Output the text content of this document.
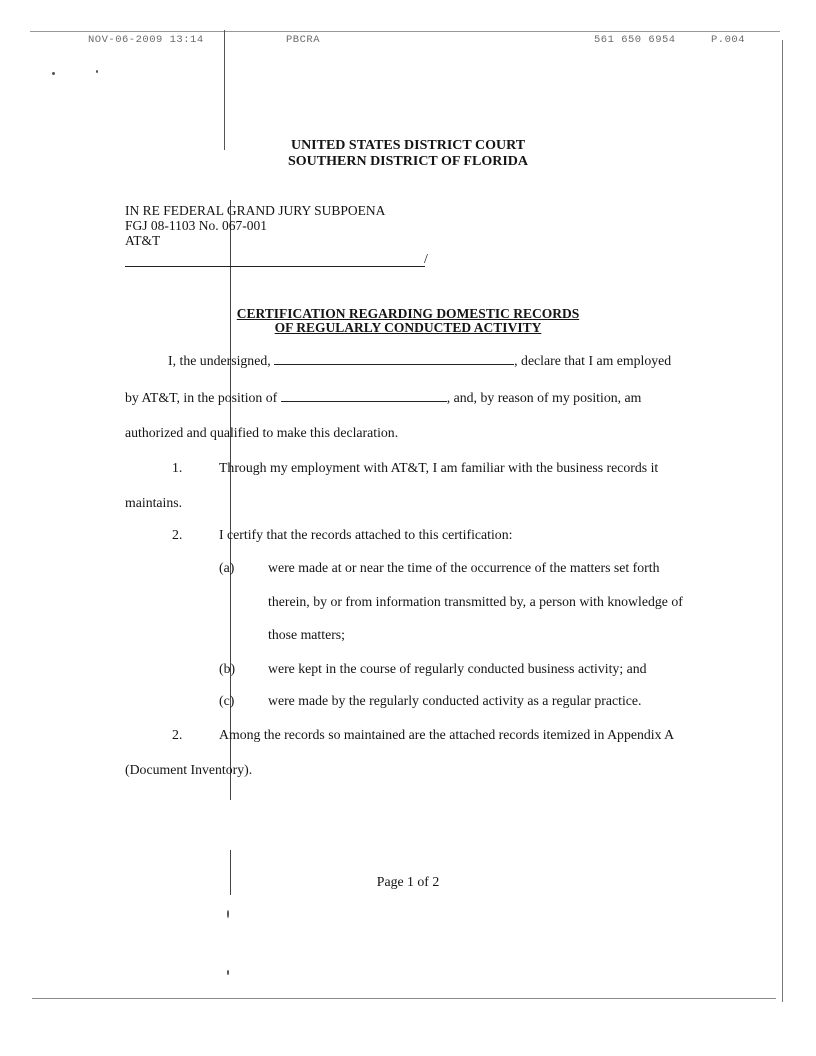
NOV-06-2009 13:14	PBCRA	561 650 6954	P.004
UNITED STATES DISTRICT COURT
SOUTHERN DISTRICT OF FLORIDA
IN RE FEDERAL GRAND JURY SUBPOENA
FGJ 08-1103 No. 067-001
AT&T
/
CERTIFICATION REGARDING DOMESTIC RECORDS
OF REGULARLY CONDUCTED ACTIVITY
I, the undersigned,	, declare that I am employed
by AT&T, in the position of	, and, by reason of my position, am
authorized and qualified to make this declaration.
1.	Through my employment with AT&T, I am familiar with the business records it
maintains.
2.	I certify that the records attached to this certification:
(a) were made at or near the time of the occurrence of the matters set forth
therein, by or from information transmitted by, a person with knowledge of
those matters;
(b) were kept in the course of regularly conducted business activity; and
(c) were made by the regularly conducted activity as a regular practice.
2.	Among the records so maintained are the attached records itemized in Appendix A
(Document Inventory).
Page 1 of 2
